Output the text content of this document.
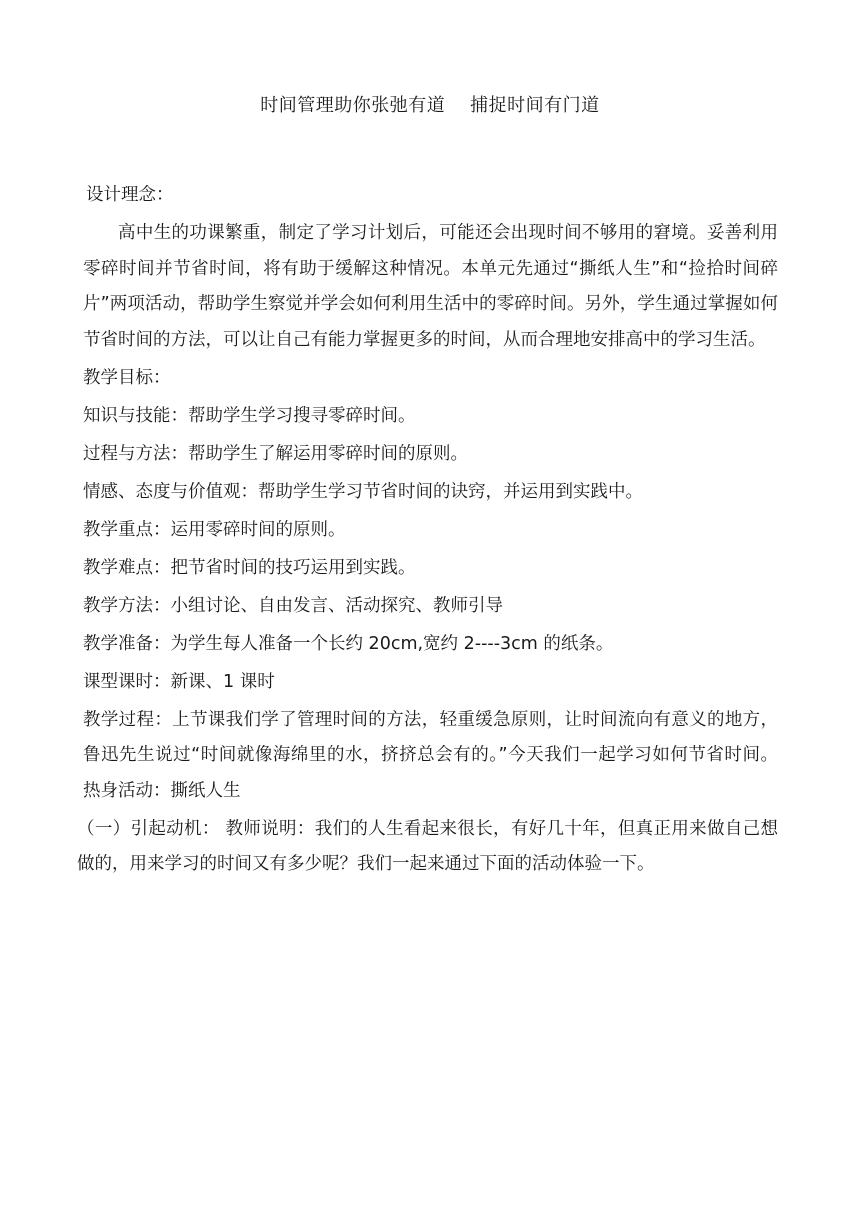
时间管理助你张弛有道    捕捉时间有门道

设计理念：

高中生的功课繁重，制定了学习计划后，可能还会出现时间不够用的窘境。妥善利用零碎时间并节省时间，将有助于缓解这种情况。本单元先通过“撕纸人生”和“捡拾时间碎片”两项活动，帮助学生察觉并学会如何利用生活中的零碎时间。另外，学生通过掌握如何节省时间的方法，可以让自己有能力掌握更多的时间，从而合理地安排高中的学习生活。

教学目标：

知识与技能：帮助学生学习搜寻零碎时间。

过程与方法：帮助学生了解运用零碎时间的原则。

情感、态度与价值观：帮助学生学习节省时间的诀窍，并运用到实践中。

教学重点：运用零碎时间的原则。

教学难点：把节省时间的技巧运用到实践。

教学方法：小组讨论、自由发言、活动探究、教师引导

教学准备：为学生每人准备一个长约 20cm,宽约 2----3cm 的纸条。

课型课时：新课、1 课时

教学过程：上节课我们学了管理时间的方法，轻重缓急原则，让时间流向有意义的地方，鲁迅先生说过“时间就像海绵里的水，挤挤总会有的。”今天我们一起学习如何节省时间。 热身活动：撕纸人生

（一）引起动机： 教师说明：我们的人生看起来很长，有好几十年，但真正用来做自己想做的，用来学习的时间又有多少呢？我们一起来通过下面的活动体验一下。
